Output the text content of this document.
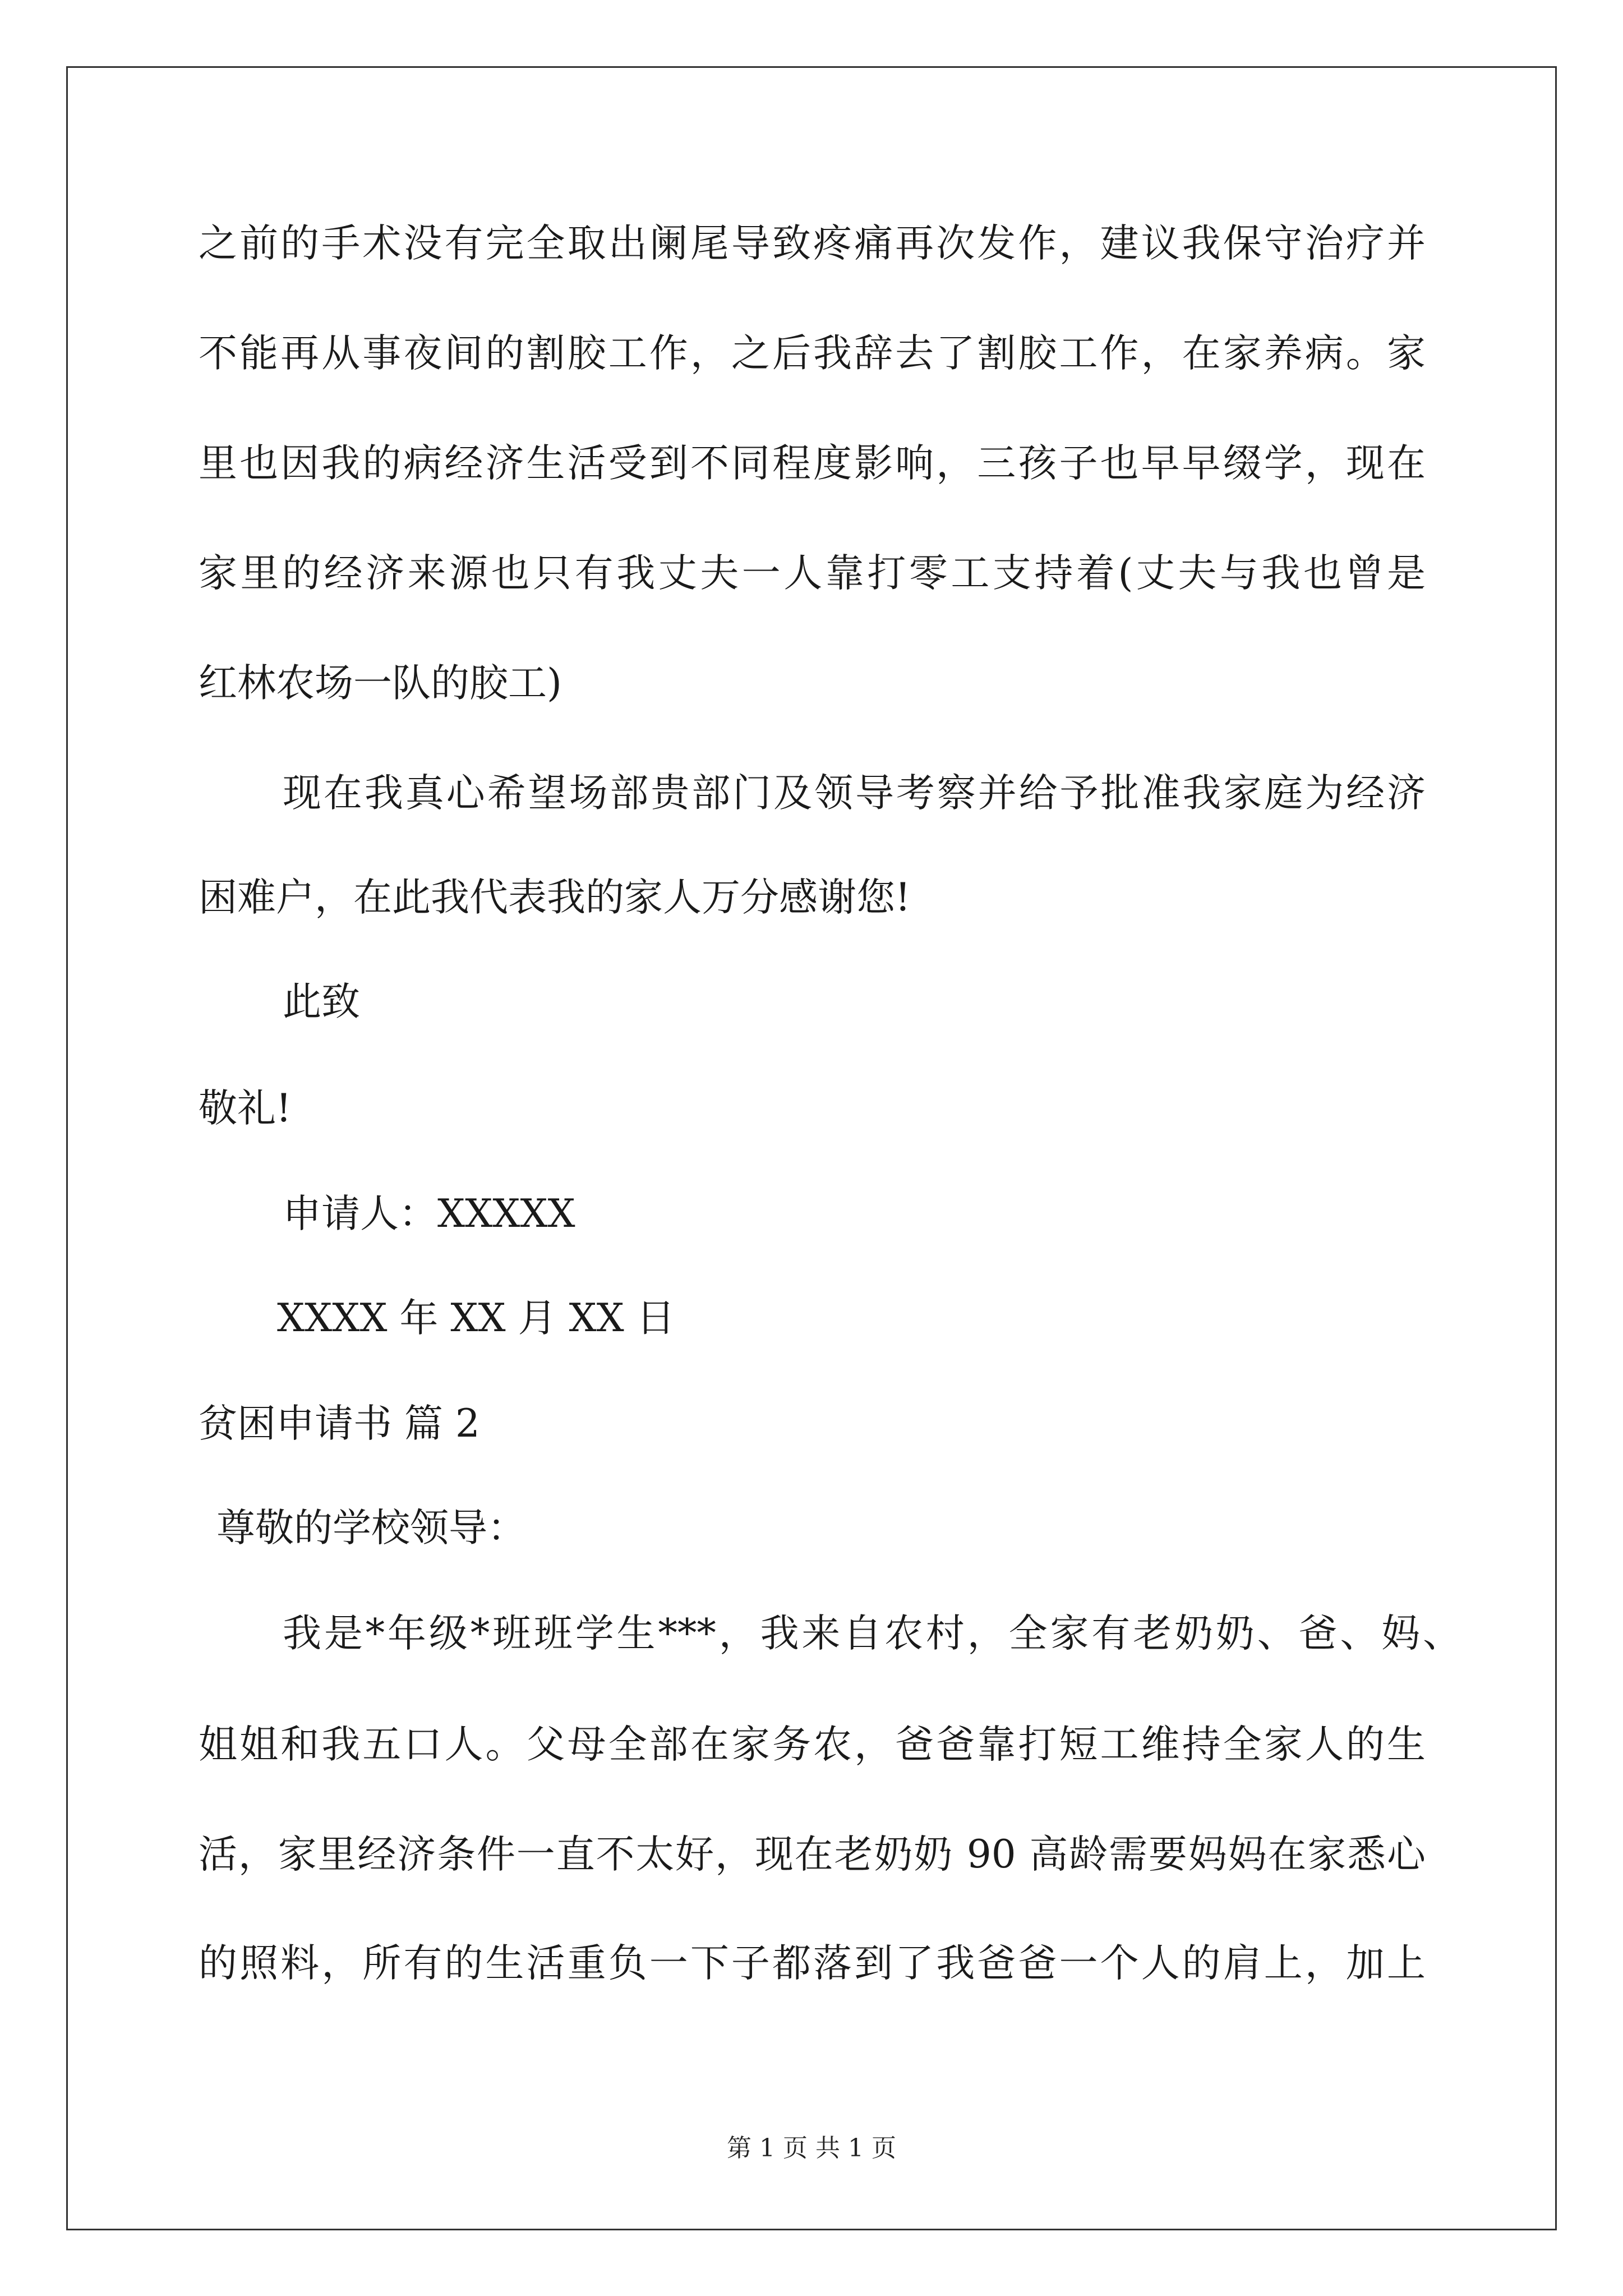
之前的手术没有完全取出阑尾导致疼痛再次发作，建议我保守治疗并
不能再从事夜间的割胶工作，之后我辞去了割胶工作，在家养病。家
里也因我的病经济生活受到不同程度影响，三孩子也早早缀学，现在
家里的经济来源也只有我丈夫一人靠打零工支持着(丈夫与我也曾是
红林农场一队的胶工)
现在我真心希望场部贵部门及领导考察并给予批准我家庭为经济
困难户，在此我代表我的家人万分感谢您!
此致
敬礼!
申请人：XXXXX
XXXX 年 XX 月 XX 日
贫困申请书 篇 2
尊敬的学校领导：
我是*年级*班班学生***，我来自农村，全家有老奶奶、爸、妈、
姐姐和我五口人。父母全部在家务农，爸爸靠打短工维持全家人的生
活，家里经济条件一直不太好，现在老奶奶 90 高龄需要妈妈在家悉心
的照料，所有的生活重负一下子都落到了我爸爸一个人的肩上，加上
第 1 页 共 1 页
